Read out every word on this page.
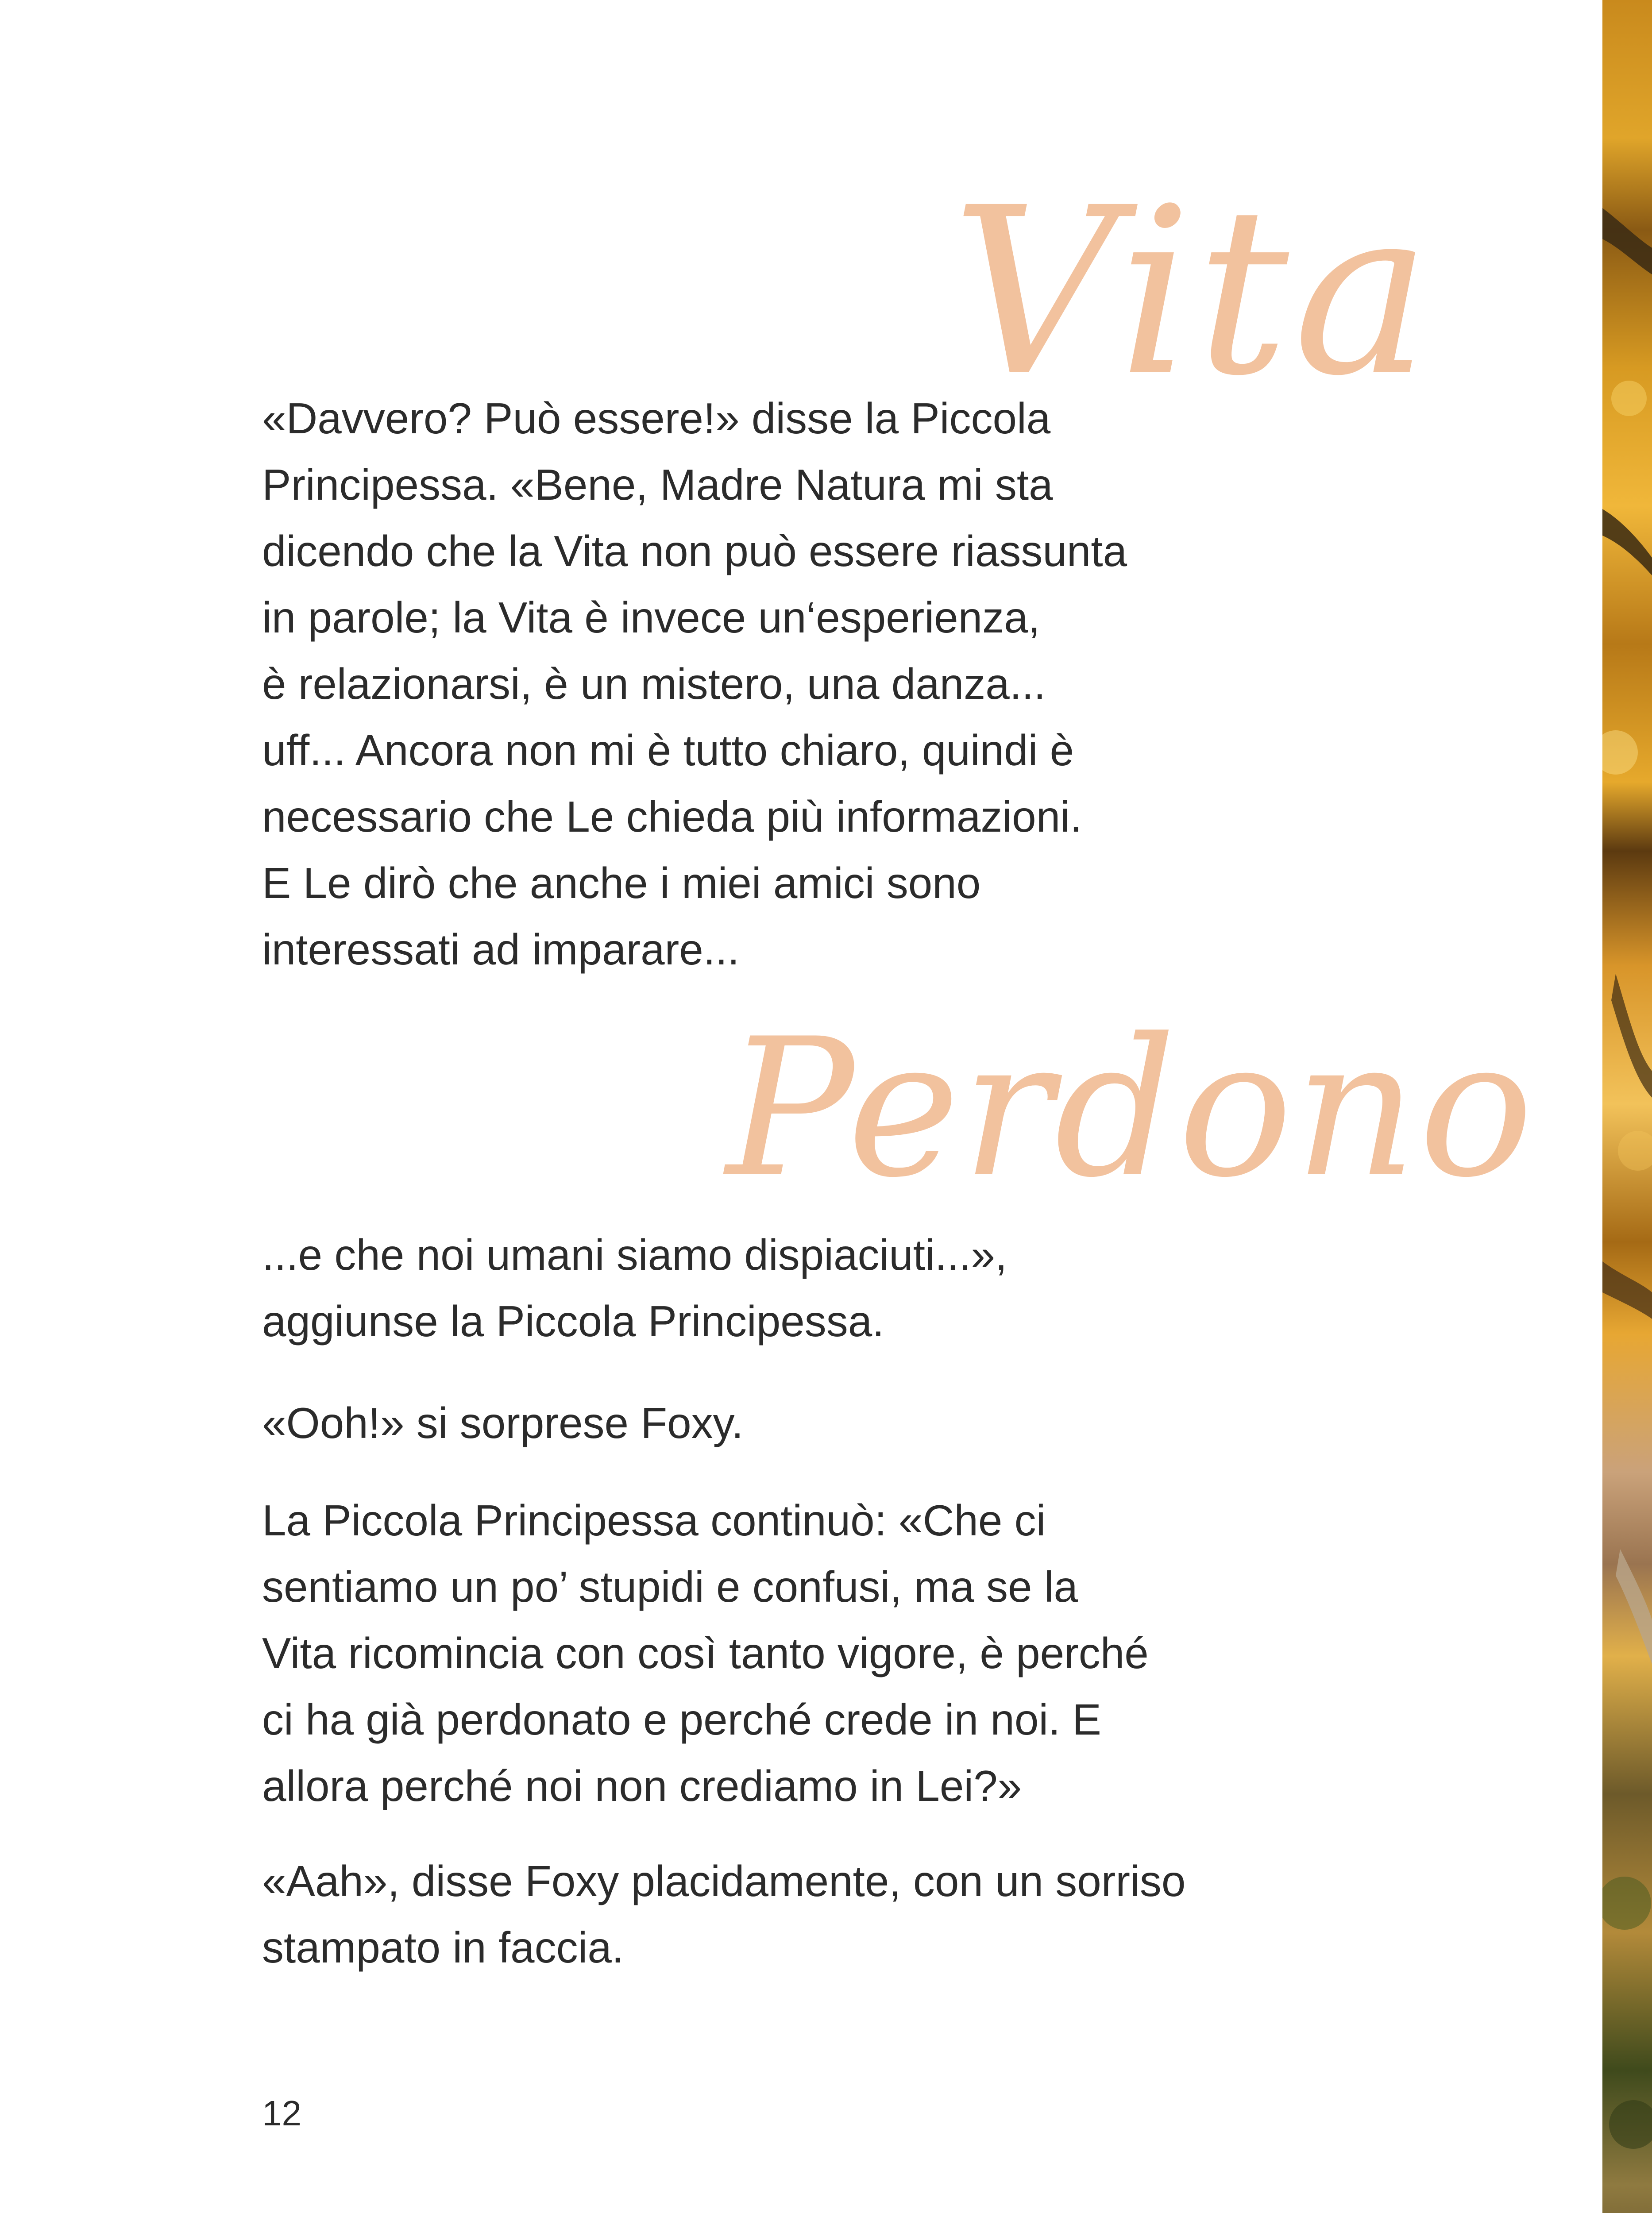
Vita

«Davvero? Può essere!» disse la Piccola
Principessa. «Bene, Madre Natura mi sta
dicendo che la Vita non può essere riassunta
in parole; la Vita è invece un‘esperienza,
è relazionarsi, è un mistero, una danza...
uff... Ancora non mi è tutto chiaro, quindi è
necessario che Le chieda più informazioni.
E Le dirò che anche i miei amici sono
interessati ad imparare...

Perdono

...e che noi umani siamo dispiaciuti...»,
aggiunse la Piccola Principessa.

«Ooh!» si sorprese Foxy.

La Piccola Principessa continuò: «Che ci
sentiamo un po’ stupidi e confusi, ma se la
Vita ricomincia con così tanto vigore, è perché
ci ha già perdonato e perché crede in noi. E
allora perché noi non crediamo in Lei?»

«Aah», disse Foxy placidamente, con un sorriso
stampato in faccia.

12
